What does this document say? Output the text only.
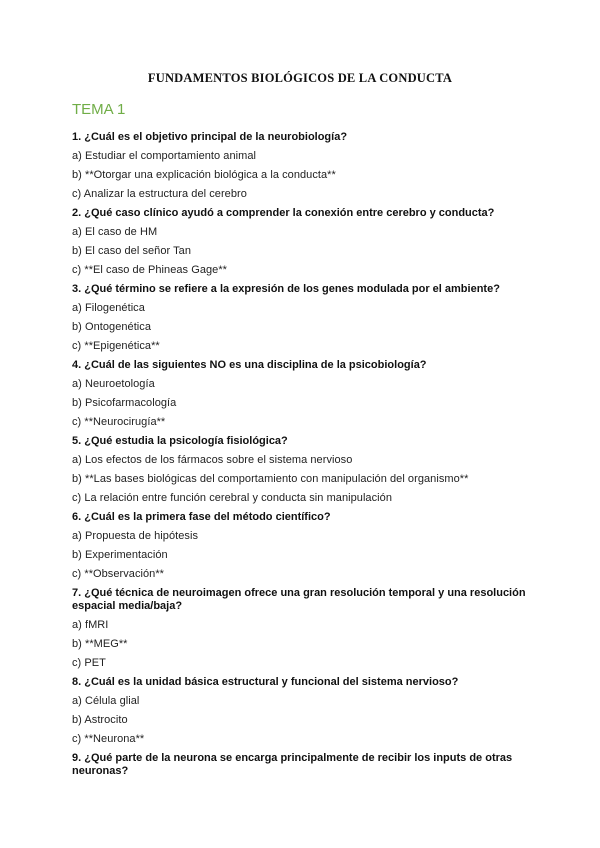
FUNDAMENTOS BIOLÓGICOS DE LA CONDUCTA
TEMA 1

1. ¿Cuál es el objetivo principal de la neurobiología?

a) Estudiar el comportamiento animal

b) **Otorgar una explicación biológica a la conducta**

c) Analizar la estructura del cerebro

2. ¿Qué caso clínico ayudó a comprender la conexión entre cerebro y conducta?

a) El caso de HM

b) El caso del señor Tan

c) **El caso de Phineas Gage**

3. ¿Qué término se refiere a la expresión de los genes modulada por el ambiente?

a) Filogenética

b) Ontogenética

c) **Epigenética**

4. ¿Cuál de las siguientes NO es una disciplina de la psicobiología?

a) Neuroetología

b) Psicofarmacología

c) **Neurocirugía**

5. ¿Qué estudia la psicología fisiológica?

a) Los efectos de los fármacos sobre el sistema nervioso

b) **Las bases biológicas del comportamiento con manipulación del organismo**

c) La relación entre función cerebral y conducta sin manipulación

6. ¿Cuál es la primera fase del método científico?

a) Propuesta de hipótesis

b) Experimentación

c) **Observación**

7. ¿Qué técnica de neuroimagen ofrece una gran resolución temporal y una resolución espacial media/baja?

a) fMRI

b) **MEG**

c) PET

8. ¿Cuál es la unidad básica estructural y funcional del sistema nervioso?

a) Célula glial

b) Astrocito

c) **Neurona**

9. ¿Qué parte de la neurona se encarga principalmente de recibir los inputs de otras neuronas?
